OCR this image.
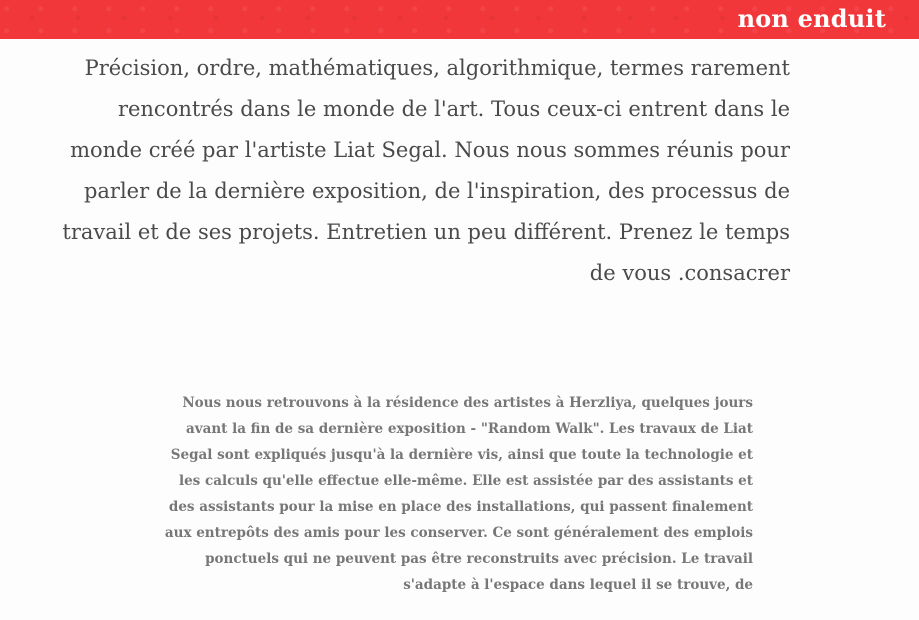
non enduit

Précision, ordre, mathématiques, algorithmique, termes rarement rencontrés dans le monde de l'art. Tous ceux-ci entrent dans le monde créé par l'artiste Liat Segal. Nous nous sommes réunis pour parler de la dernière exposition, de l'inspiration, des processus de travail et de ses projets. Entretien un peu différent. Prenez le temps de vous .consacrer

Nous nous retrouvons à la résidence des artistes à Herzliya, quelques jours avant la fin de sa dernière exposition - "Random Walk". Les travaux de Liat Segal sont expliqués jusqu'à la dernière vis, ainsi que toute la technologie et les calculs qu'elle effectue elle-même. Elle est assistée par des assistants et des assistants pour la mise en place des installations, qui passent finalement aux entrepôts des amis pour les conserver. Ce sont généralement des emplois ponctuels qui ne peuvent pas être reconstruits avec précision. Le travail s'adapte à l'espace dans lequel il se trouve, de
